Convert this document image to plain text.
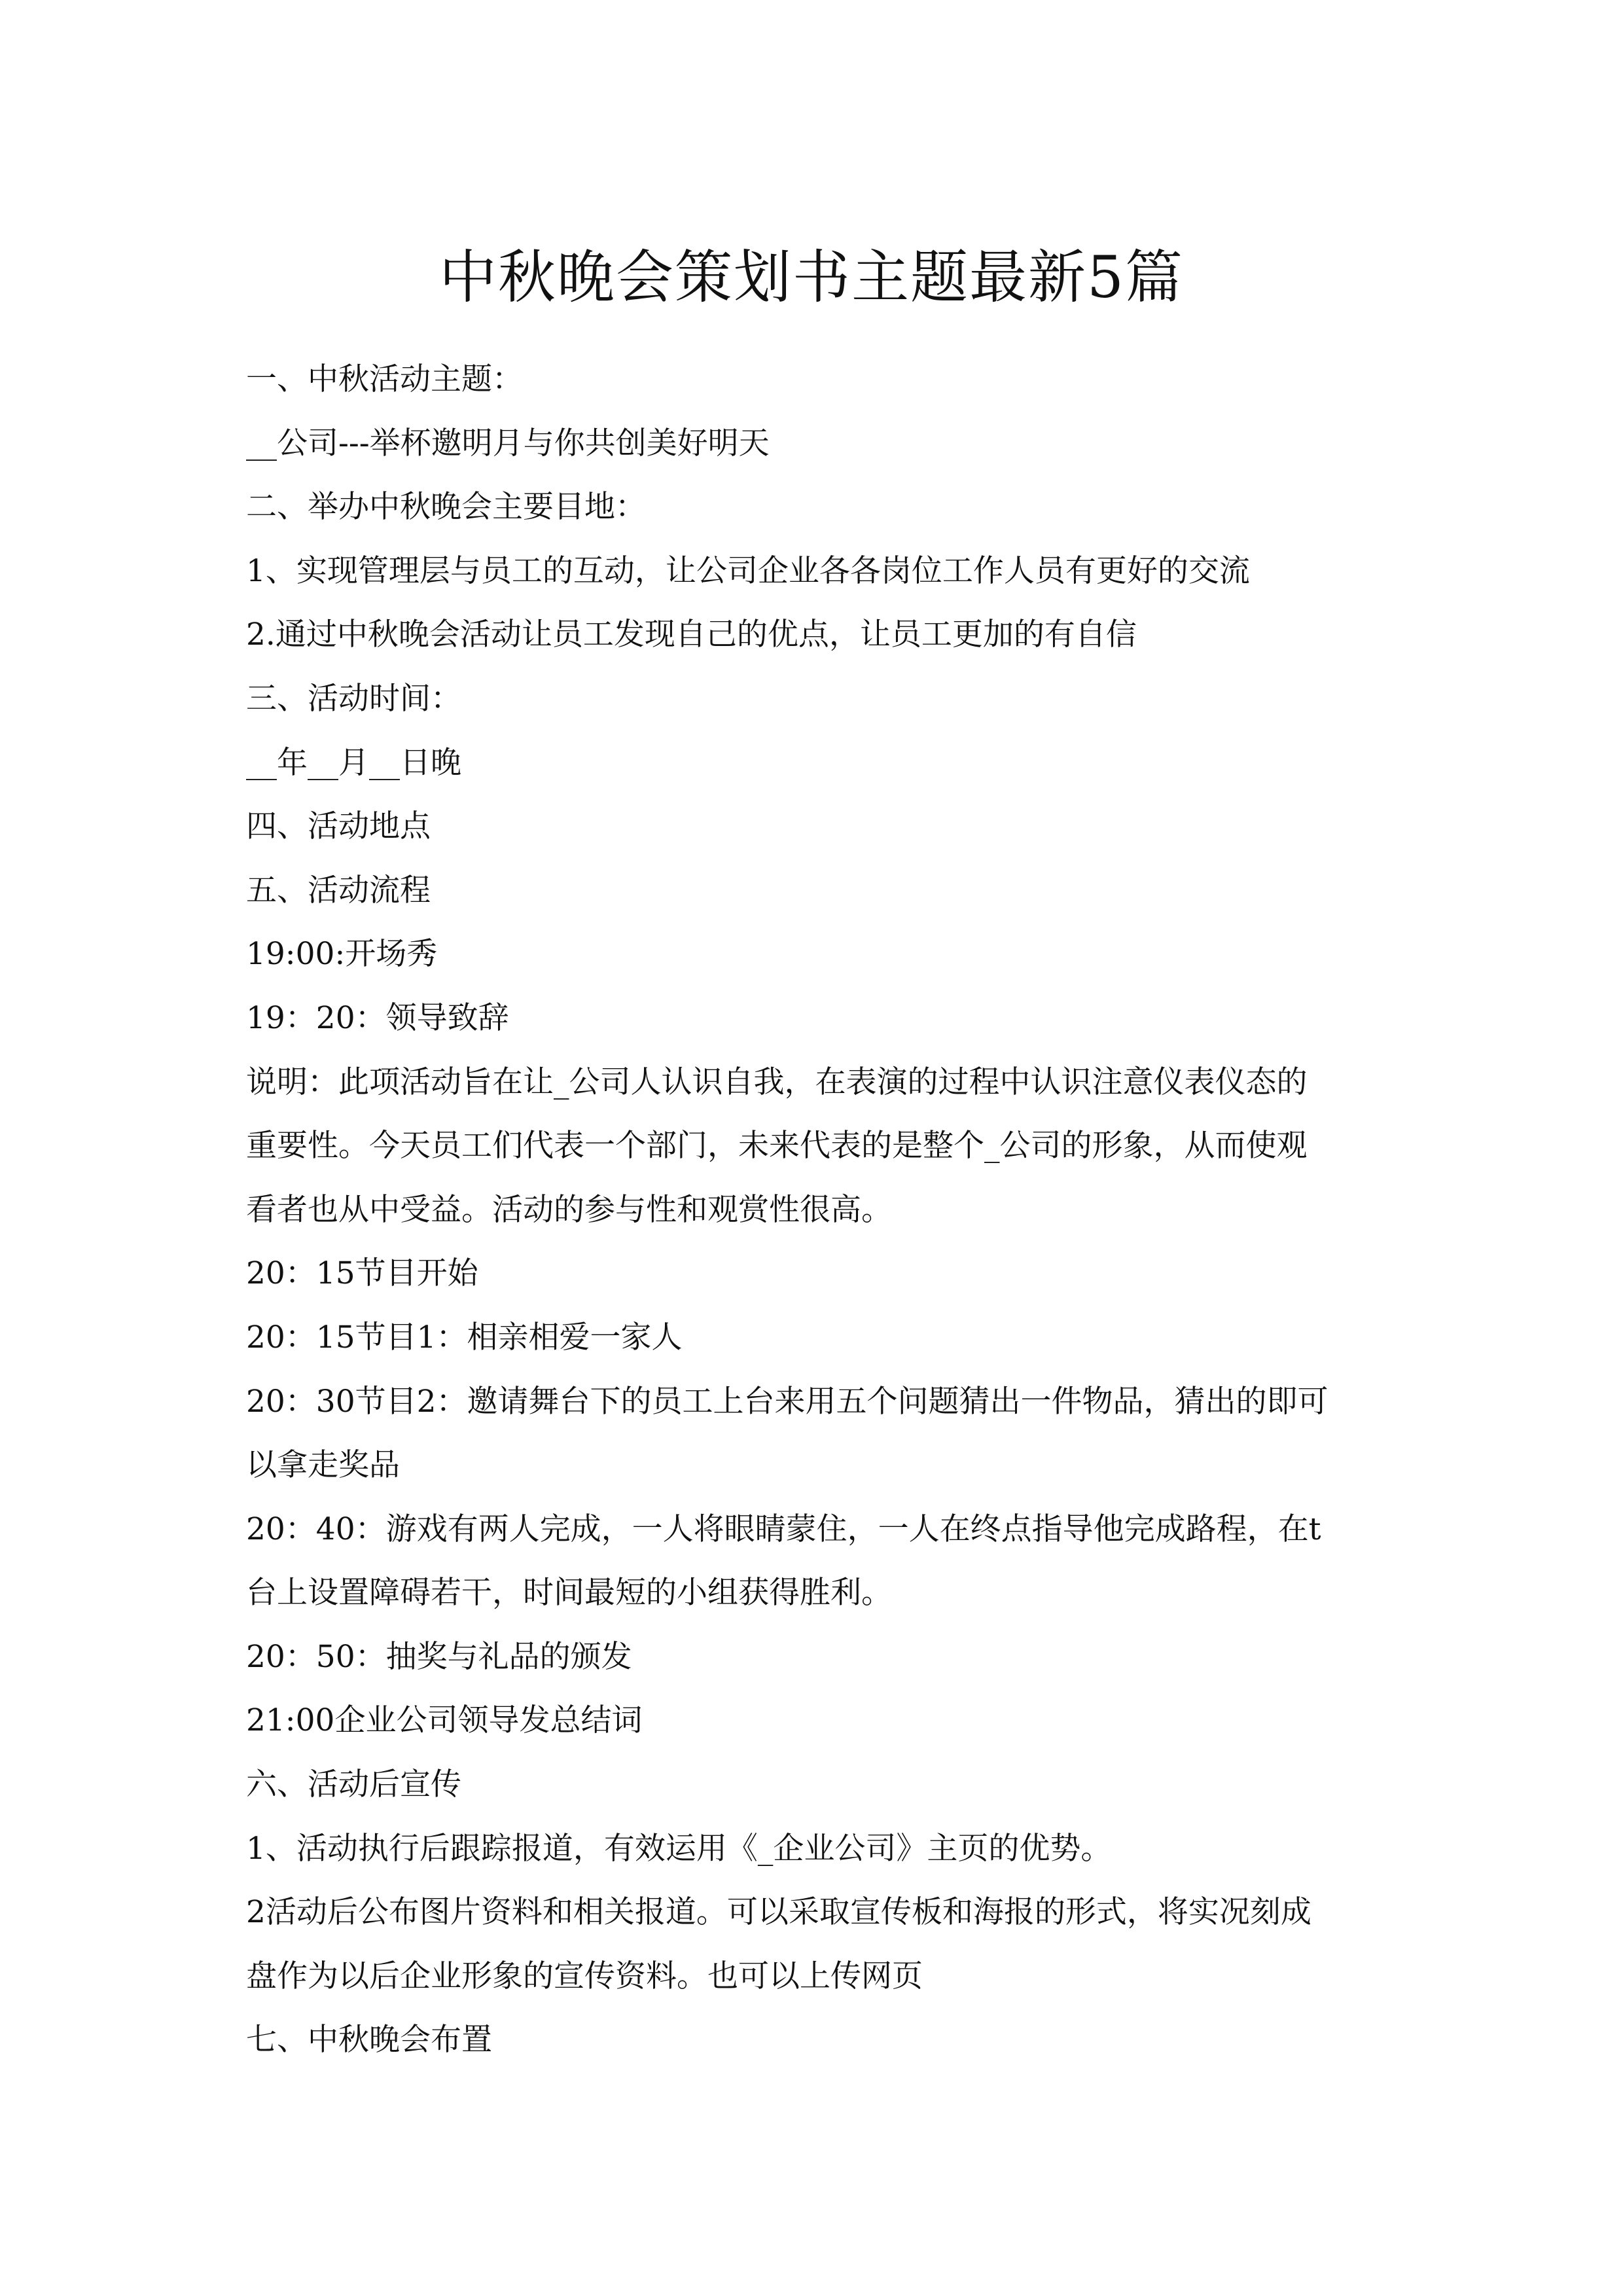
中秋晚会策划书主题最新5篇
一、中秋活动主题：
__公司---举杯邀明月与你共创美好明天
二、举办中秋晚会主要目地：
1、实现管理层与员工的互动，让公司企业各各岗位工作人员有更好的交流
2.通过中秋晚会活动让员工发现自己的优点，让员工更加的有自信
三、活动时间：
__年__月__日晚
四、活动地点
五、活动流程
19:00:开场秀
19：20：领导致辞
说明：此项活动旨在让_公司人认识自我，在表演的过程中认识注意仪表仪态的
重要性。今天员工们代表一个部门，未来代表的是整个_公司的形象，从而使观
看者也从中受益。活动的参与性和观赏性很高。
20：15节目开始
20：15节目1：相亲相爱一家人
20：30节目2：邀请舞台下的员工上台来用五个问题猜出一件物品，猜出的即可
以拿走奖品
20：40：游戏有两人完成，一人将眼睛蒙住，一人在终点指导他完成路程，在t
台上设置障碍若干，时间最短的小组获得胜利。
20：50：抽奖与礼品的颁发
21:00企业公司领导发总结词
六、活动后宣传
1、活动执行后跟踪报道，有效运用《_企业公司》主页的优势。
2活动后公布图片资料和相关报道。可以采取宣传板和海报的形式，将实况刻成
盘作为以后企业形象的宣传资料。也可以上传网页
七、中秋晚会布置
